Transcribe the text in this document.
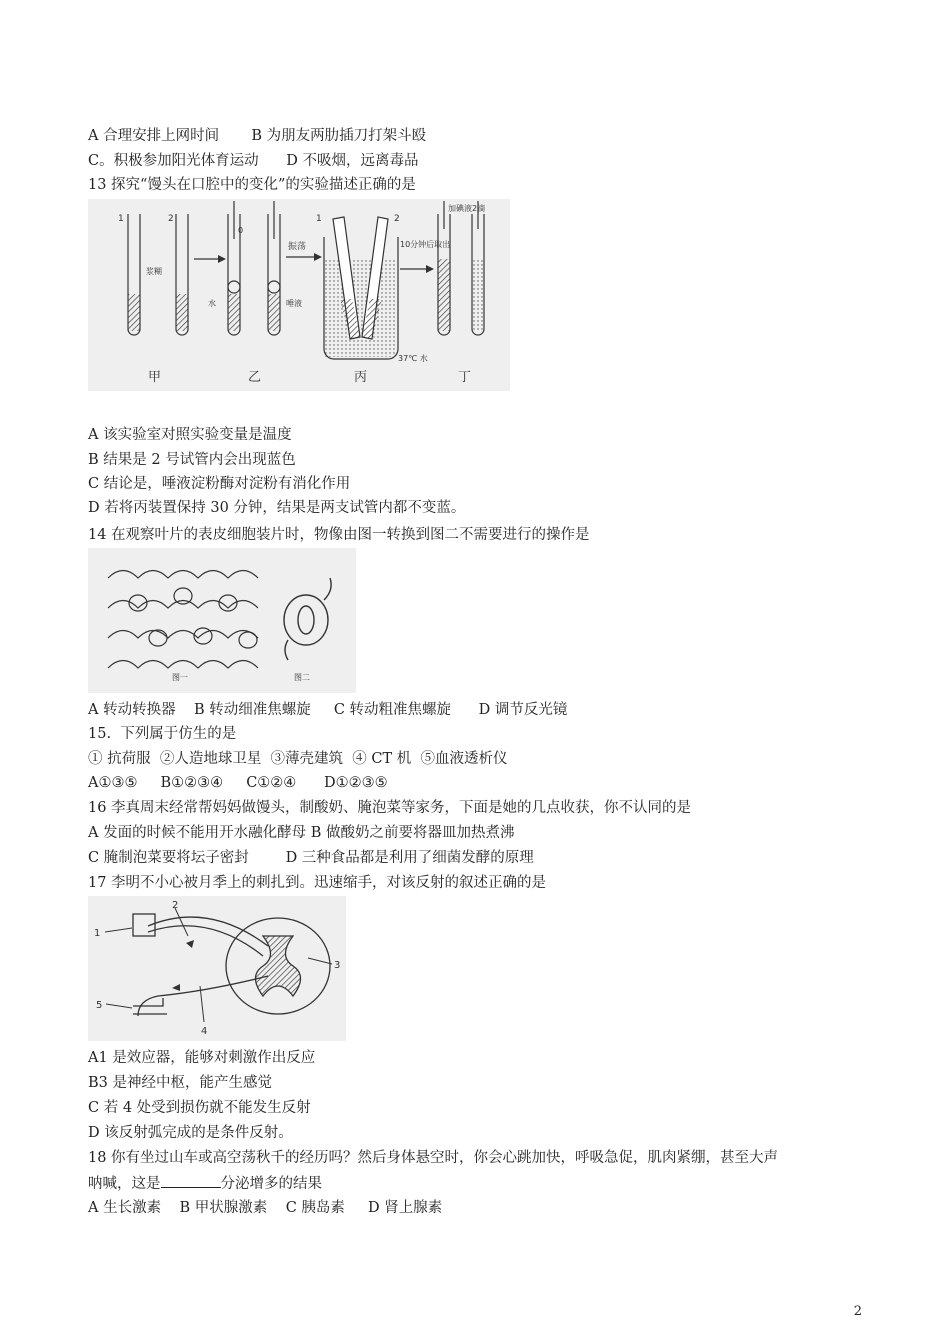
A 合理安排上网时间       B 为朋友两肋插刀打架斗殴
C。积极参加阳光体育运动      D 不吸烟，远离毒品
13 探究“馒头在口腔中的变化”的实验描述正确的是
1	2
浆糊
水	唾液
0
振荡
2
1
37℃ 水
10分钟后取出
加碘液2滴
甲	乙	丙	丁
A 该实验室对照实验变量是温度
B 结果是 2 号试管内会出现蓝色
C 结论是，唾液淀粉酶对淀粉有消化作用
D 若将丙装置保持 30 分钟，结果是两支试管内都不变蓝。
14 在观察叶片的表皮细胞装片时，物像由图一转换到图二不需要进行的操作是
图一	图二
A 转动转换器    B 转动细准焦螺旋     C 转动粗准焦螺旋      D 调节反光镜
15.  下列属于仿生的是
① 抗荷服  ②人造地球卫星  ③薄壳建筑  ④ CT 机  ⑤血液透析仪
A①③⑤     B①②③④     C①②④      D①②③⑤
16 李真周末经常帮妈妈做馒头，制酸奶、腌泡菜等家务，下面是她的几点收获，你不认同的是
A 发面的时候不能用开水融化酵母 B 做酸奶之前要将器皿加热煮沸
C 腌制泡菜要将坛子密封        D 三种食品都是利用了细菌发酵的原理
17 李明不小心被月季上的刺扎到。迅速缩手，对该反射的叙述正确的是
1
2
3
4
5
A1 是效应器，能够对刺激作出反应
B3 是神经中枢，能产生感觉
C 若 4 处受到损伤就不能发生反射
D 该反射弧完成的是条件反射。
18 你有坐过山车或高空荡秋千的经历吗？然后身体悬空时，你会心跳加快，呼吸急促，肌肉紧绷，甚至大声
呐喊，这是	分泌增多的结果
A 生长激素    B 甲状腺激素    C 胰岛素     D 肾上腺素
2
